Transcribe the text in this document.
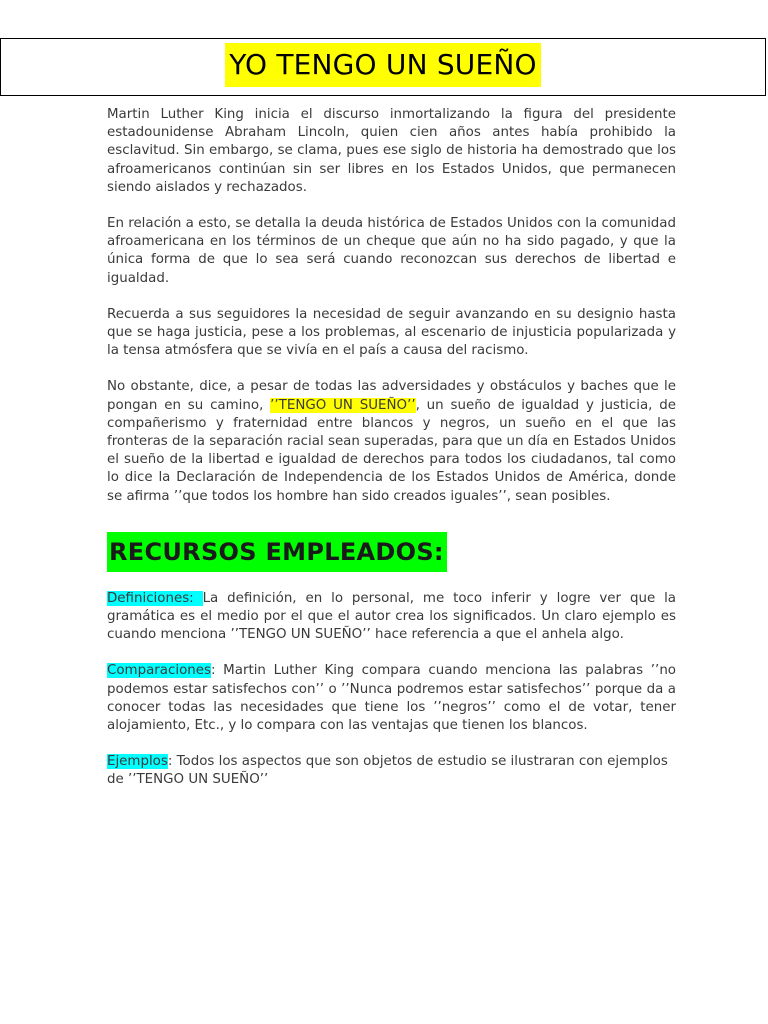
YO TENGO UN SUEÑO

Martin Luther King inicia el discurso inmortalizando la figura del presidente estadounidense Abraham Lincoln, quien cien años antes había prohibido la esclavitud. Sin embargo, se clama, pues ese siglo de historia ha demostrado que los afroamericanos continúan sin ser libres en los Estados Unidos, que permanecen siendo aislados y rechazados.

En relación a esto, se detalla la deuda histórica de Estados Unidos con la comunidad afroamericana en los términos de un cheque que aún no ha sido pagado, y que la única forma de que lo sea será cuando reconozcan sus derechos de libertad e igualdad.

Recuerda a sus seguidores la necesidad de seguir avanzando en su designio hasta que se haga justicia, pese a los problemas, al escenario de injusticia popularizada y la tensa atmósfera que se vivía en el país a causa del racismo.

No obstante, dice, a pesar de todas las adversidades y obstáculos y baches que le pongan en su camino, ’’TENGO UN SUEÑO’’, un sueño de igualdad y justicia, de compañerismo y fraternidad entre blancos y negros, un sueño en el que las fronteras de la separación racial sean superadas, para que un día en Estados Unidos el sueño de la libertad e igualdad de derechos para todos los ciudadanos, tal como lo dice la Declaración de Independencia de los Estados Unidos de América, donde se afirma ’’que todos los hombre han sido creados iguales’’, sean posibles.

RECURSOS EMPLEADOS:

Definiciones: La definición, en lo personal, me toco inferir y logre ver que la gramática es el medio por el que el autor crea los significados. Un claro ejemplo es cuando menciona ’’TENGO UN SUEÑO’’ hace referencia a que el anhela algo.

Comparaciones: Martin Luther King compara cuando menciona las palabras ’’no podemos estar satisfechos con’’ o ’’Nunca podremos estar satisfechos’’ porque da a conocer todas las necesidades que tiene los ’’negros’’ como el de votar, tener alojamiento, Etc., y lo compara con las ventajas que tienen los blancos.

Ejemplos: Todos los aspectos que son objetos de estudio se ilustraran con ejemplos de ’’TENGO UN SUEÑO’’
